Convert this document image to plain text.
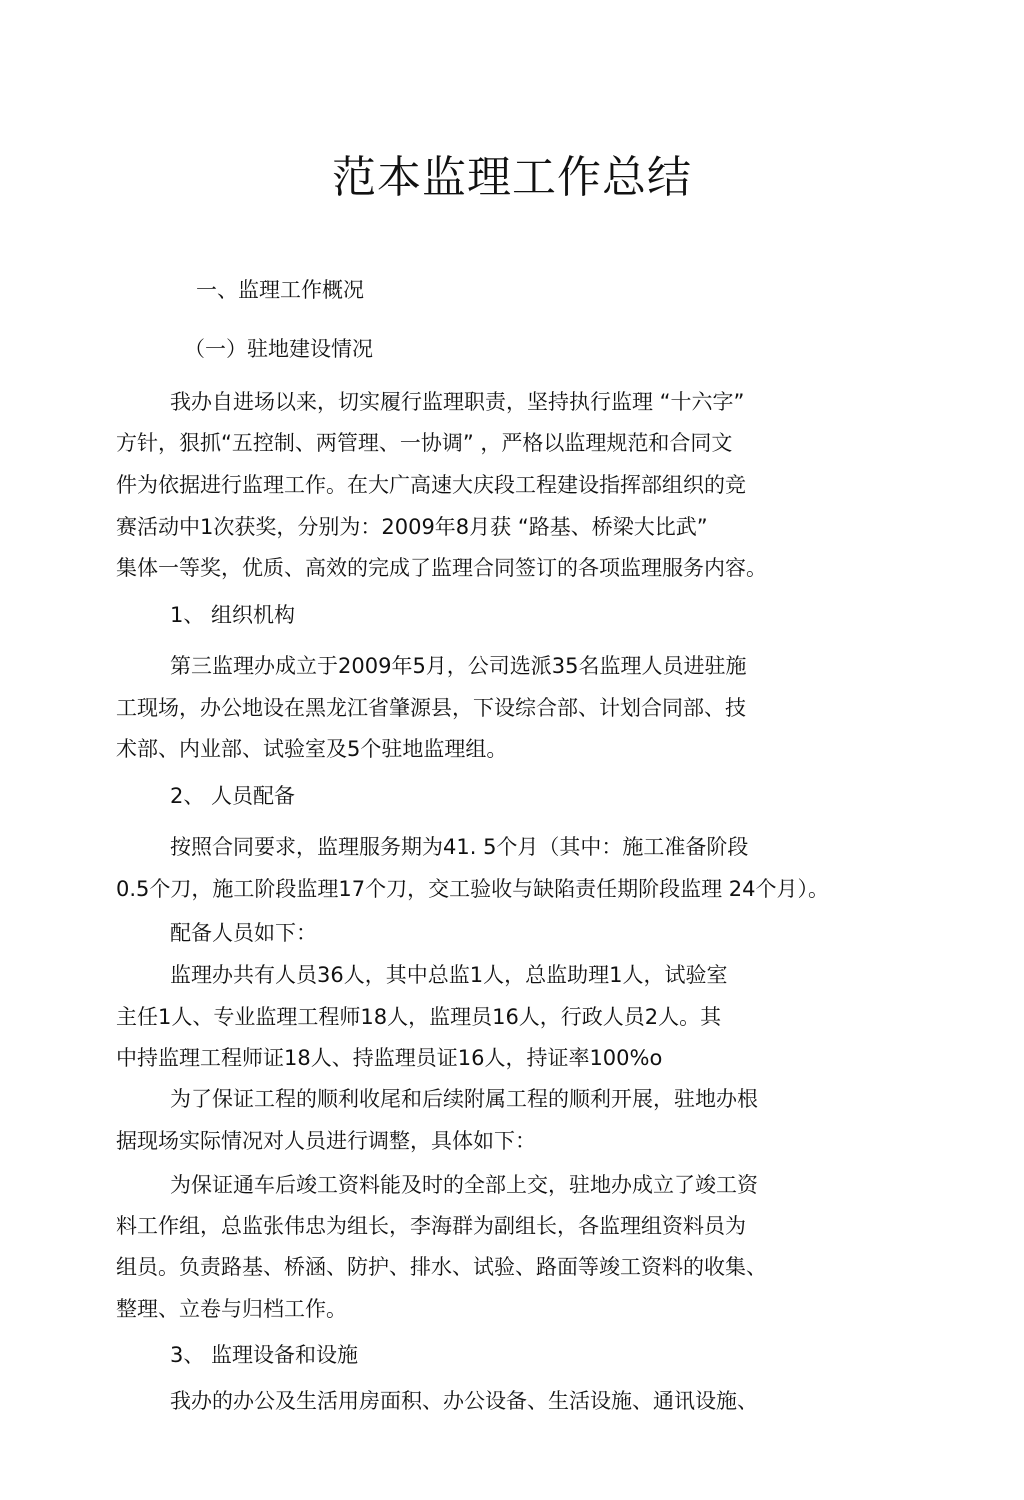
范本监理工作总结

一、监理工作概况

（一）驻地建设情况

我办自进场以来，切实履行监理职责，坚持执行监理 “十六字”

方针，狠抓“五控制、两管理、一协调” ，严格以监理规范和合同文

件为依据进行监理工作。在大广高速大庆段工程建设指挥部组织的竞

赛活动中1次获奖，分别为：2009年8月获 “路基、桥梁大比武”

集体一等奖，优质、高效的完成了监理合同签订的各项监理服务内容。

1、 组织机构

第三监理办成立于2009年5月，公司选派35名监理人员进驻施

工现场，办公地设在黑龙江省肇源县，下设综合部、计划合同部、技

术部、内业部、试验室及5个驻地监理组。

2、 人员配备

按照合同要求，监理服务期为41. 5个月（其中：施工准备阶段

0.5个刀，施工阶段监理17个刀，交工验收与缺陷责任期阶段监理 24个月）。

配备人员如下：

监理办共有人员36人，其中总监1人，总监助理1人，试验室

主任1人、专业监理工程师18人，监理员16人，行政人员2人。其

中持监理工程师证18人、持监理员证16人，持证率100%o

为了保证工程的顺利收尾和后续附属工程的顺利开展，驻地办根

据现场实际情况对人员进行调整，具体如下：

为保证通车后竣工资料能及时的全部上交，驻地办成立了竣工资

料工作组，总监张伟忠为组长，李海群为副组长，各监理组资料员为

组员。负责路基、桥涵、防护、排水、试验、路面等竣工资料的收集、

整理、立卷与归档工作。

3、 监理设备和设施

我办的办公及生活用房面积、办公设备、生活设施、通讯设施、
